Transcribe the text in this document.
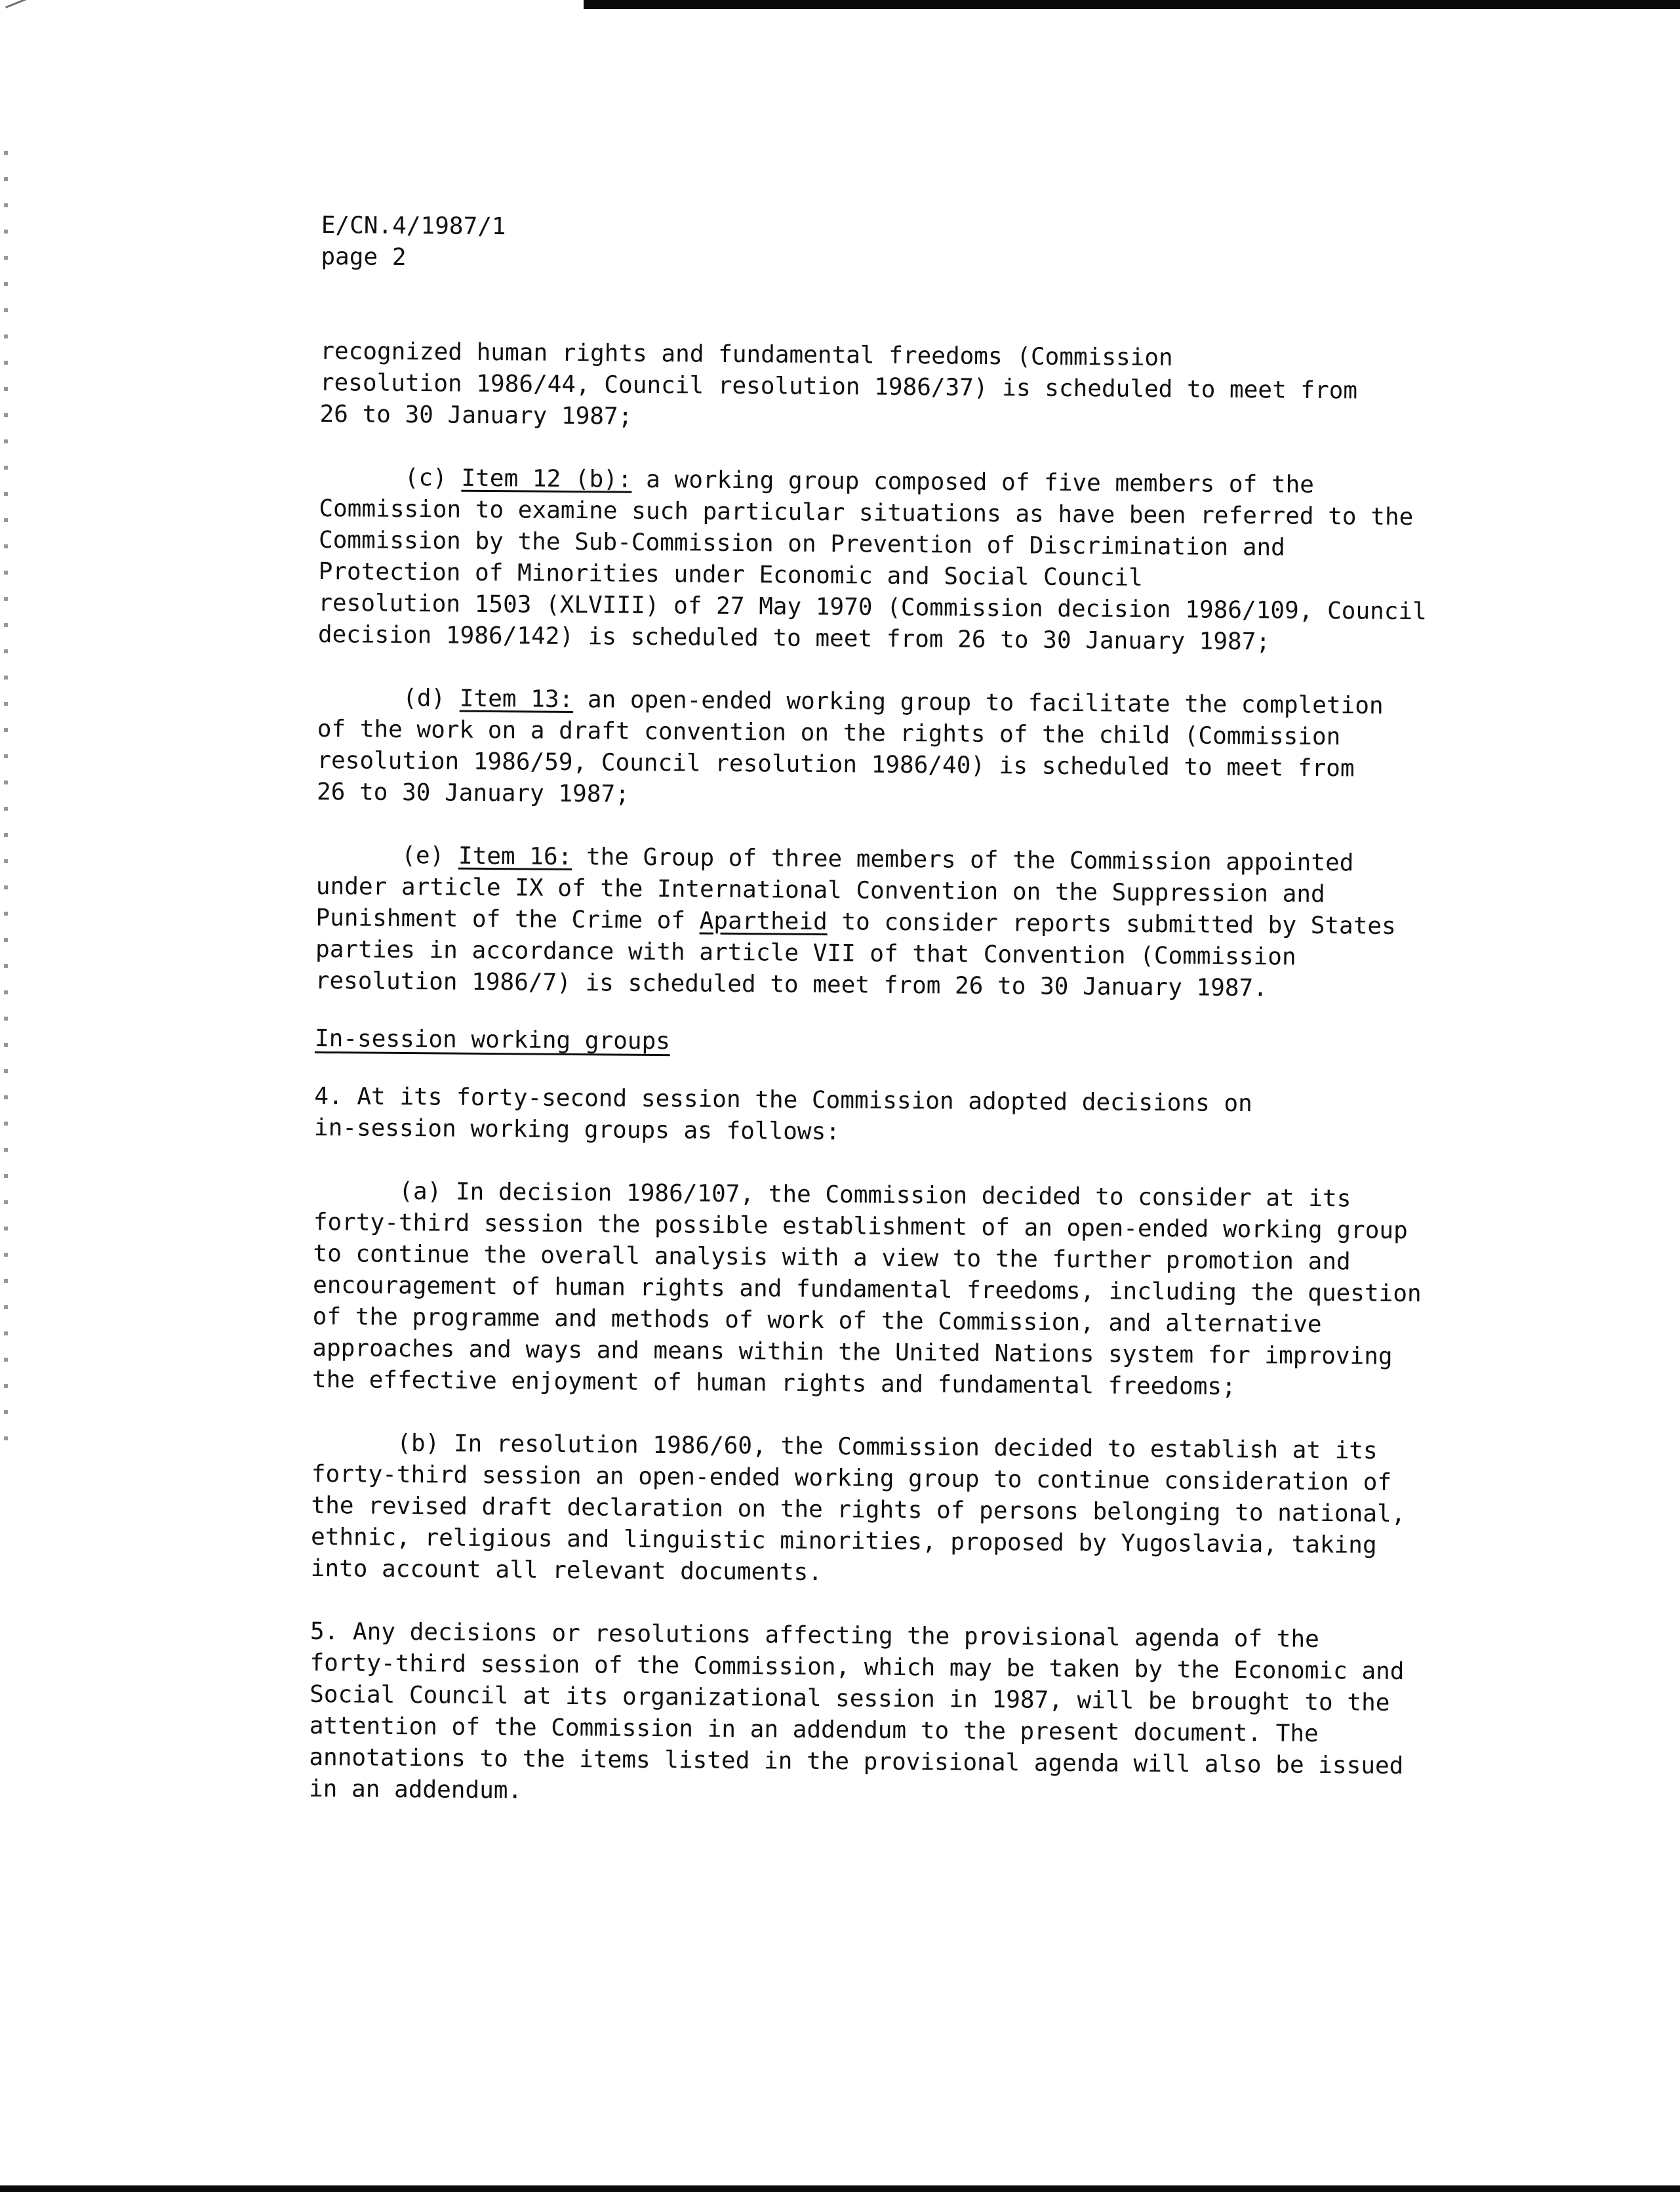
E/CN.4/1987/1
page 2

recognized human rights and fundamental freedoms (Commission
resolution 1986/44, Council resolution 1986/37) is scheduled to meet from
26 to 30 January 1987;

(c) Item 12 (b): a working group composed of five members of the
Commission to examine such particular situations as have been referred to the
Commission by the Sub-Commission on Prevention of Discrimination and
Protection of Minorities under Economic and Social Council
resolution 1503 (XLVIII) of 27 May 1970 (Commission decision 1986/109, Council
decision 1986/142) is scheduled to meet from 26 to 30 January 1987;

(d) Item 13: an open-ended working group to facilitate the completion
of the work on a draft convention on the rights of the child (Commission
resolution 1986/59, Council resolution 1986/40) is scheduled to meet from
26 to 30 January 1987;

(e) Item 16: the Group of three members of the Commission appointed
under article IX of the International Convention on the Suppression and
Punishment of the Crime of Apartheid to consider reports submitted by States
parties in accordance with article VII of that Convention (Commission
resolution 1986/7) is scheduled to meet from 26 to 30 January 1987.

In-session working groups

4. At its forty-second session the Commission adopted decisions on
in-session working groups as follows:

(a) In decision 1986/107, the Commission decided to consider at its
forty-third session the possible establishment of an open-ended working group
to continue the overall analysis with a view to the further promotion and
encouragement of human rights and fundamental freedoms, including the question
of the programme and methods of work of the Commission, and alternative
approaches and ways and means within the United Nations system for improving
the effective enjoyment of human rights and fundamental freedoms;

(b) In resolution 1986/60, the Commission decided to establish at its
forty-third session an open-ended working group to continue consideration of
the revised draft declaration on the rights of persons belonging to national,
ethnic, religious and linguistic minorities, proposed by Yugoslavia, taking
into account all relevant documents.

5. Any decisions or resolutions affecting the provisional agenda of the
forty-third session of the Commission, which may be taken by the Economic and
Social Council at its organizational session in 1987, will be brought to the
attention of the Commission in an addendum to the present document. The
annotations to the items listed in the provisional agenda will also be issued
in an addendum.
